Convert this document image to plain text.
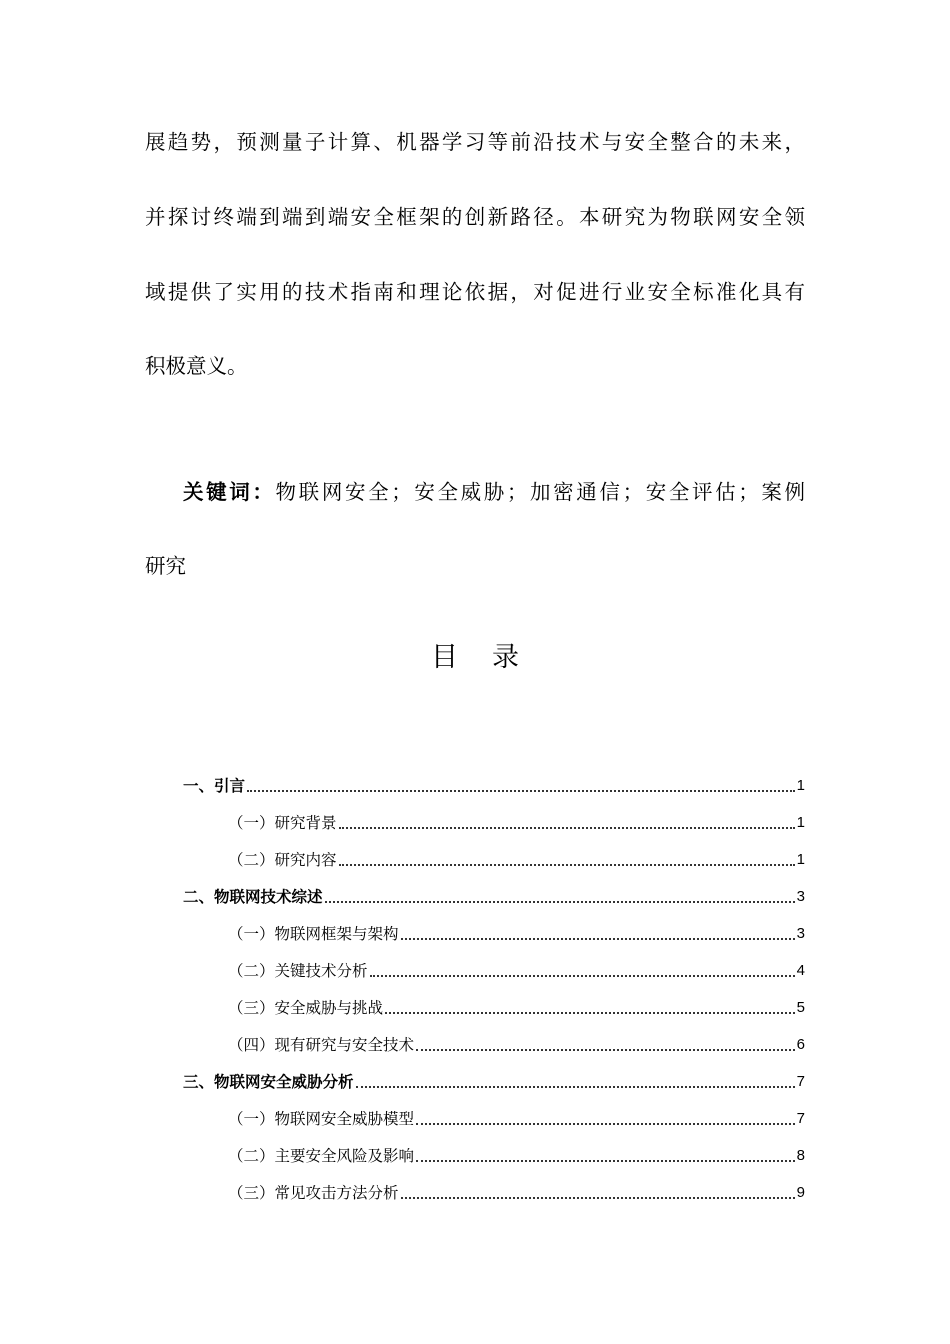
展趋势，预测量子计算、机器学习等前沿技术与安全整合的未来，
并探讨终端到端到端安全框架的创新路径。本研究为物联网安全领
域提供了实用的技术指南和理论依据，对促进行业安全标准化具有
积极意义。
关键词：物联网安全；安全威胁；加密通信；安全评估；案例
研究
目录
一、引言	1
（一）研究背景	1
（二）研究内容	1
二、物联网技术综述	3
（一）物联网框架与架构	3
（二）关键技术分析	4
（三）安全威胁与挑战	5
（四）现有研究与安全技术	6
三、物联网安全威胁分析	7
（一）物联网安全威胁模型	7
（二）主要安全风险及影响	8
（三）常见攻击方法分析	9
